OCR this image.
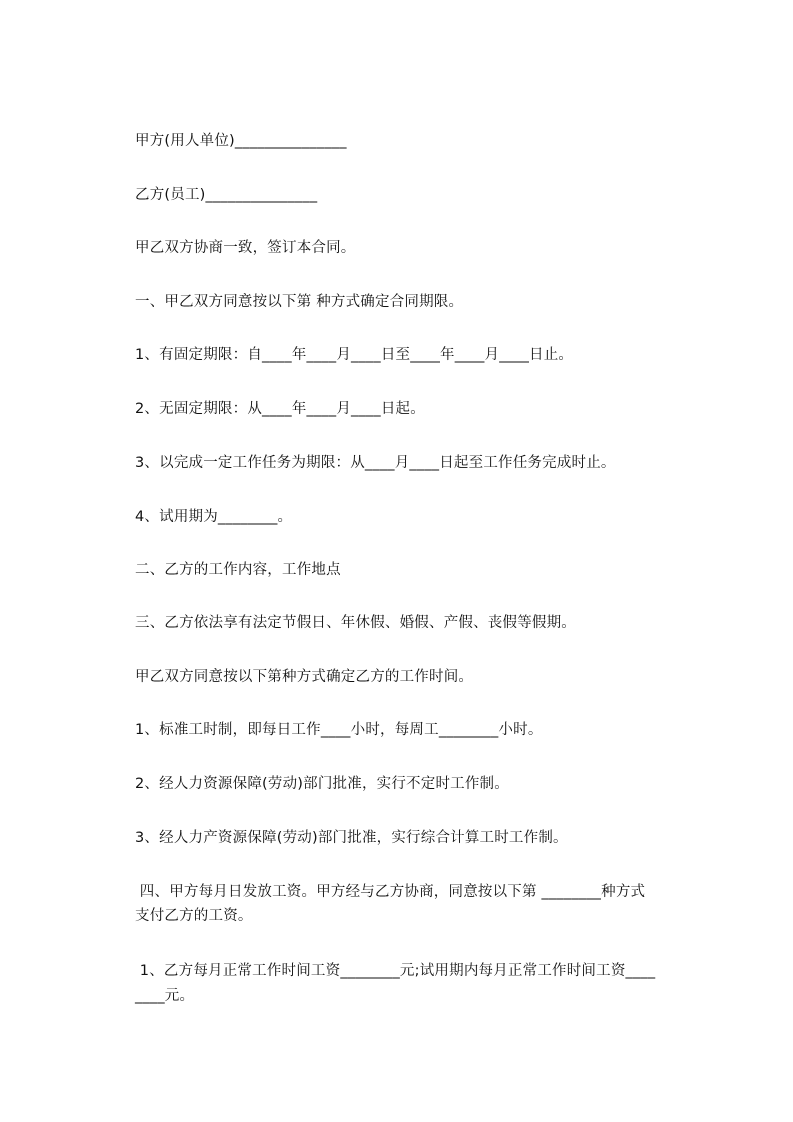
甲方(用人单位)_______________
乙方(员工)_______________
甲乙双方协商一致，签订本合同。
一、甲乙双方同意按以下第 种方式确定合同期限。
1、有固定期限：自____年____月____日至____年____月____日止。
2、无固定期限：从____年____月____日起。
3、以完成一定工作任务为期限：从____月____日起至工作任务完成时止。
4、试用期为________。
二、乙方的工作内容，工作地点
三、乙方依法享有法定节假日、年休假、婚假、产假、丧假等假期。
甲乙双方同意按以下第种方式确定乙方的工作时间。
1、标准工时制，即每日工作____小时，每周工________小时。
2、经人力资源保障(劳动)部门批准，实行不定时工作制。
3、经人力产资源保障(劳动)部门批准，实行综合计算工时工作制。
四、甲方每月日发放工资。甲方经与乙方协商，同意按以下第 ________种方式
支付乙方的工资。
1、乙方每月正常工作时间工资________元;试用期内每月正常工作时间工资____
____元。
